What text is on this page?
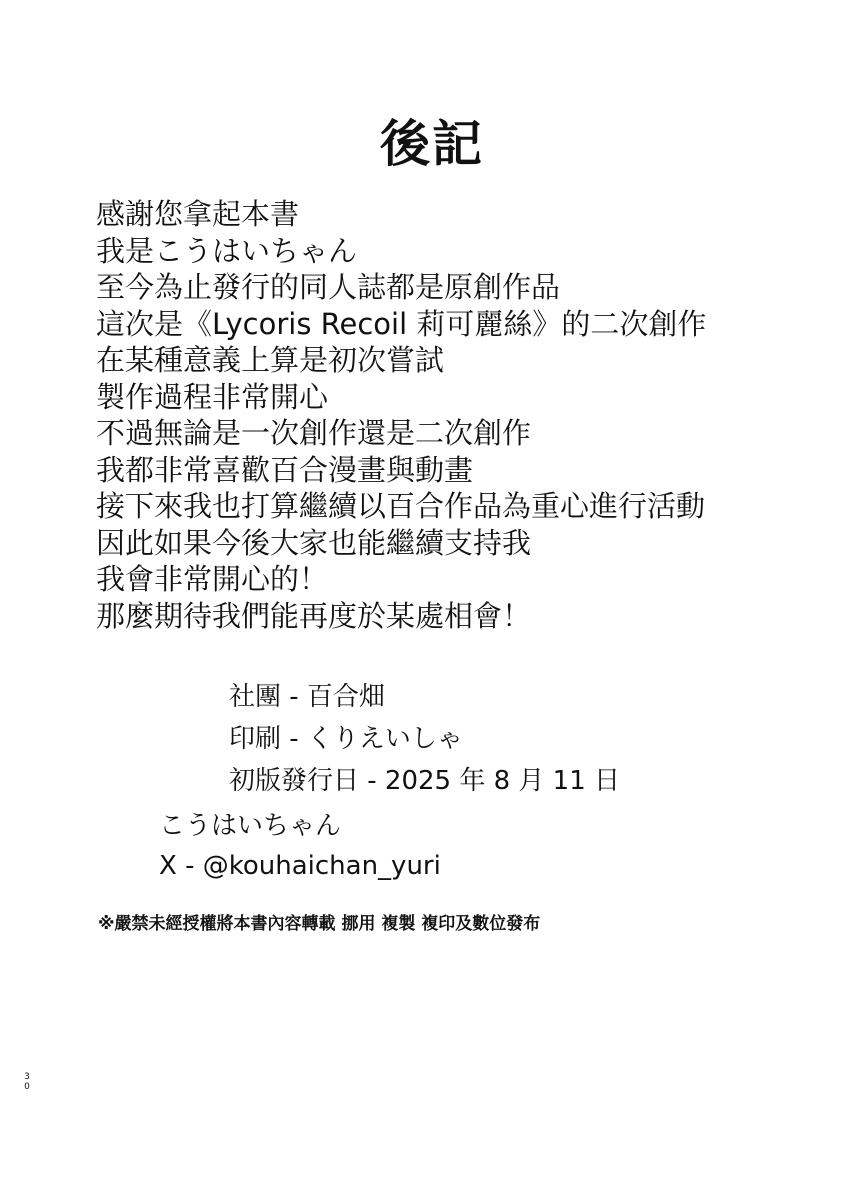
後記
感謝您拿起本書
我是こうはいちゃん
至今為止發行的同人誌都是原創作品
這次是《Lycoris Recoil 莉可麗絲》的二次創作
在某種意義上算是初次嘗試
製作過程非常開心
不過無論是一次創作還是二次創作
我都非常喜歡百合漫畫與動畫
接下來我也打算繼續以百合作品為重心進行活動
因此如果今後大家也能繼續支持我
我會非常開心的！
那麼期待我們能再度於某處相會！
社團 - 百合畑
印刷 - くりえいしゃ
初版發行日 - 2025 年 8 月 11 日
こうはいちゃん
X - @kouhaichan_yuri
※嚴禁未經授權將本書內容轉載 挪用 複製 複印及數位發布
30
